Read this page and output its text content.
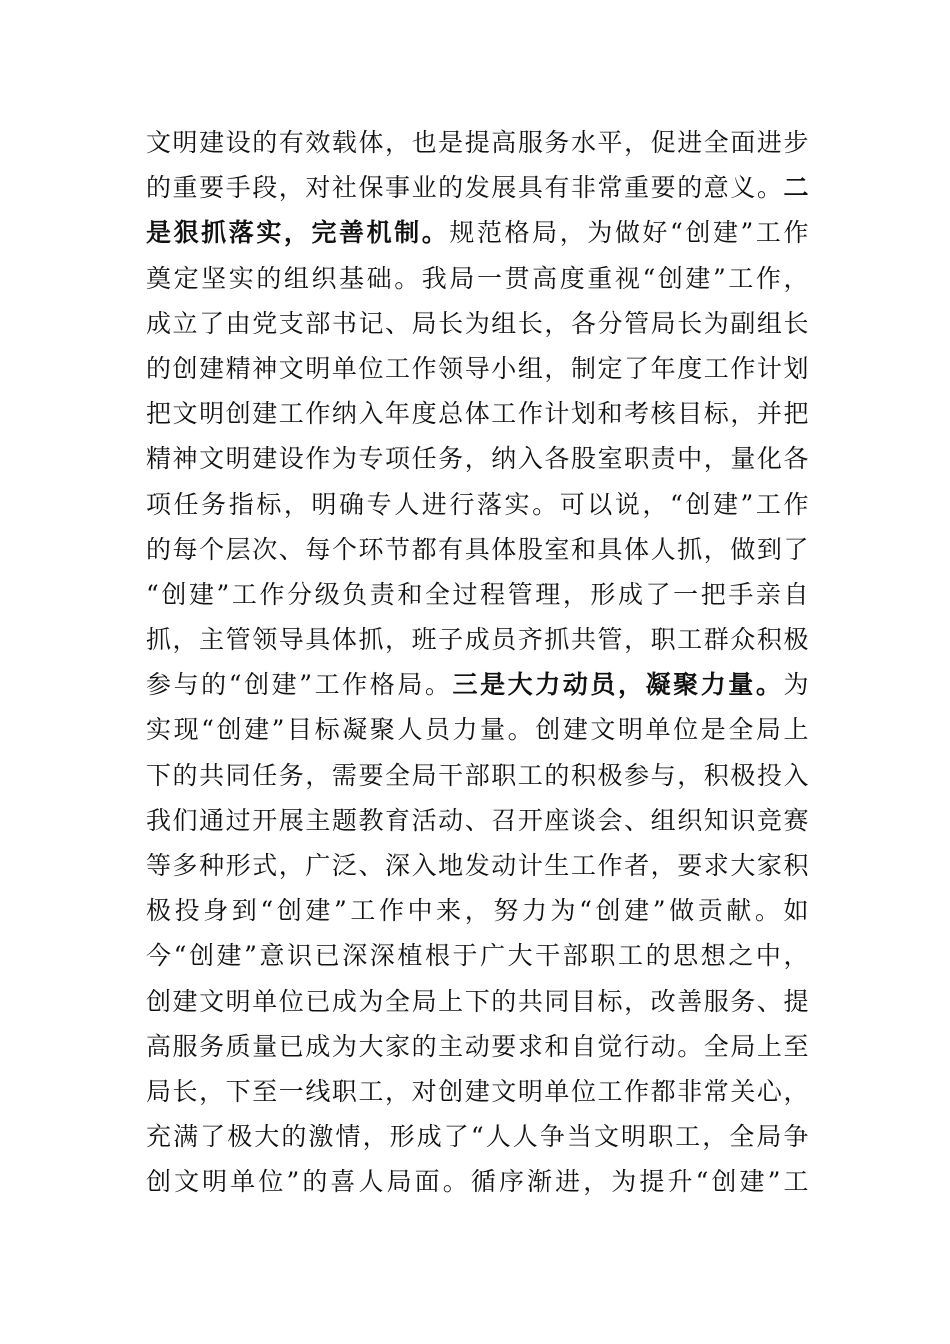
文明建设的有效载体，也是提高服务水平，促进全面进步
的重要手段，对社保事业的发展具有非常重要的意义。二
是狠抓落实，完善机制。规范格局，为做好“创建”工作
奠定坚实的组织基础。我局一贯高度重视“创建”工作，
成立了由党支部书记、局长为组长，各分管局长为副组长
的创建精神文明单位工作领导小组，制定了年度工作计划
把文明创建工作纳入年度总体工作计划和考核目标，并把
精神文明建设作为专项任务，纳入各股室职责中，量化各
项任务指标，明确专人进行落实。可以说，“创建”工作
的每个层次、每个环节都有具体股室和具体人抓，做到了
“创建”工作分级负责和全过程管理，形成了一把手亲自
抓，主管领导具体抓，班子成员齐抓共管，职工群众积极
参与的“创建”工作格局。三是大力动员，凝聚力量。为
实现“创建”目标凝聚人员力量。创建文明单位是全局上
下的共同任务，需要全局干部职工的积极参与，积极投入
我们通过开展主题教育活动、召开座谈会、组织知识竞赛
等多种形式，广泛、深入地发动计生工作者，要求大家积
极投身到“创建”工作中来，努力为“创建”做贡献。如
今“创建”意识已深深植根于广大干部职工的思想之中，
创建文明单位已成为全局上下的共同目标，改善服务、提
高服务质量已成为大家的主动要求和自觉行动。全局上至
局长，下至一线职工，对创建文明单位工作都非常关心，
充满了极大的激情，形成了“人人争当文明职工，全局争
创文明单位”的喜人局面。循序渐进，为提升“创建”工
